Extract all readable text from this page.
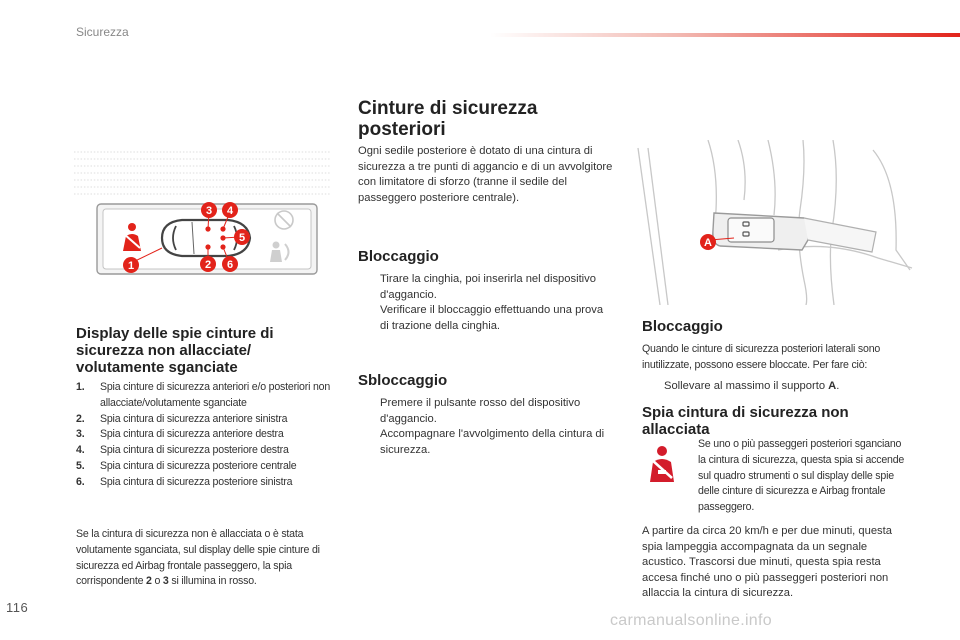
Sicurezza
3 4
5
1	2 6
Display delle spie cinture di sicurezza non allacciate/ volutamente sganciate
1. Spia cinture di sicurezza anteriori e/o posteriori non allacciate/volutamente sganciate
2. Spia cintura di sicurezza anteriore sinistra
3. Spia cintura di sicurezza anteriore destra
4. Spia cintura di sicurezza posteriore destra
5. Spia cintura di sicurezza posteriore centrale
6. Spia cintura di sicurezza posteriore sinistra

Se la cintura di sicurezza non è allacciata o è stata volutamente sganciata, sul display delle spie cinture di sicurezza ed Airbag frontale passeggero, la spia corrispondente 2 o 3 si illumina in rosso.

Cinture di sicurezza posteriori

Ogni sedile posteriore è dotato di una cintura di sicurezza a tre punti di aggancio e di un avvolgitore con limitatore di sforzo (tranne il sedile del passeggero posteriore centrale).

Bloccaggio
Tirare la cinghia, poi inserirla nel dispositivo d'aggancio.
Verificare il bloccaggio effettuando una prova di trazione della cinghia.
Sbloccaggio
Premere il pulsante rosso del dispositivo d'aggancio.
Accompagnare l'avvolgimento della cintura di sicurezza.
A
Bloccaggio

Quando le cinture di sicurezza posteriori laterali sono inutilizzate, possono essere bloccate. Per fare ciò:

Sollevare al massimo il supporto A.
Spia cintura di sicurezza non allacciata

Se uno o più passeggeri posteriori sganciano la cintura di sicurezza, questa spia si accende sul quadro strumenti o sul display delle spie delle cinture di sicurezza e Airbag frontale passeggero.

A partire da circa 20 km/h e per due minuti, questa spia lampeggia accompagnata da un segnale acustico. Trascorsi due minuti, questa spia resta accesa finché uno o più passeggeri posteriori non allaccia la cintura di sicurezza.

116
carmanualsonline.info
